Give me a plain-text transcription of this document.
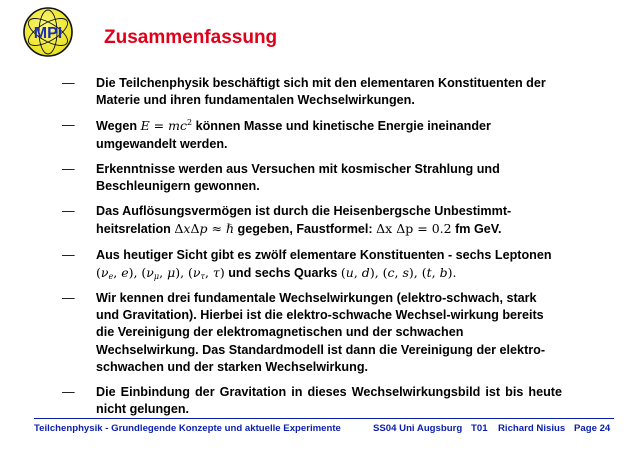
MPI Zusammenfassung
— Die Teilchenphysik beschäftigt sich mit den elementaren Konstituenten der Materie und ihren fundamentalen Wechselwirkungen.
— Wegen $E = mc^2$ können Masse und kinetische Energie ineinander umgewandelt werden.
— Erkenntnisse werden aus Versuchen mit kosmischer Strahlung und Beschleunigern gewonnen.
— Das Auflösungsvermögen ist durch die Heisenbergsche Unbestimmt-heitsrelation ΔxΔp ≈ ℏ gegeben, Faustformel: Δx Δp = 0.2 fm GeV.
— Aus heutiger Sicht gibt es zwölf elementare Konstituenten - sechs Leptonen ($\nu_e$, e), ($\nu_\mu$, μ), ($\nu_\tau$, τ) und sechs Quarks (u, d), (c, s), (t, b).
— Wir kennen drei fundamentale Wechselwirkungen (elektro-schwach, stark und Gravitation). Hierbei ist die elektro-schwache Wechsel-wirkung bereits die Vereinigung der elektromagnetischen und der schwachen Wechselwirkung. Das Standardmodell ist dann die Vereinigung der elektro-schwachen und der starken Wechselwirkung.
— Die Einbindung der Gravitation in dieses Wechselwirkungsbild ist bis heute nicht gelungen.
Teilchenphysik - Grundlegende Konzepte und aktuelle Experimente	SS04 Uni Augsburg T01 Richard Nisius Page 24
